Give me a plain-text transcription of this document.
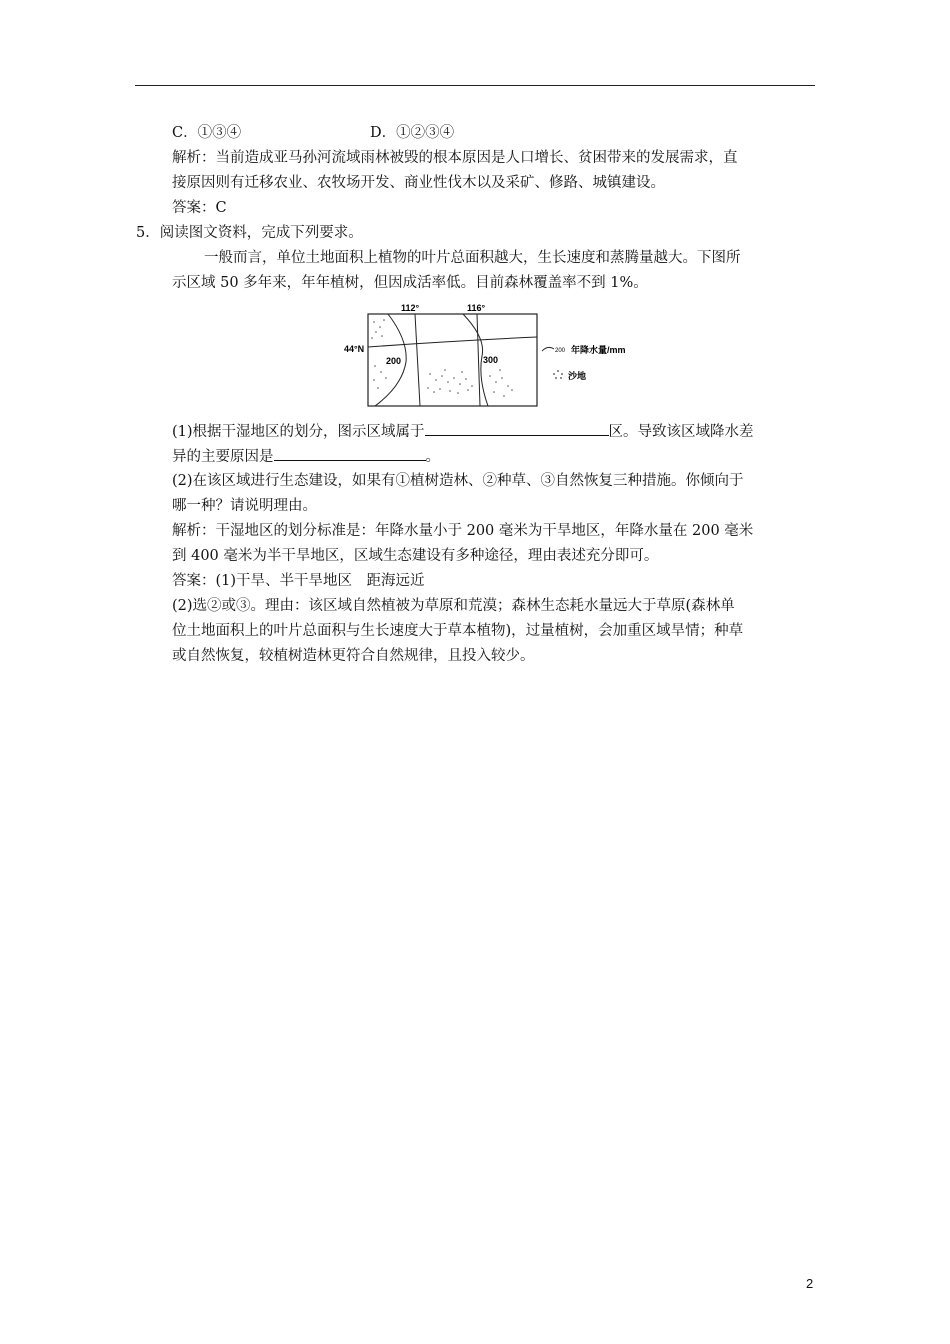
C．①③④	D．①②③④
解析：当前造成亚马孙河流域雨林被毁的根本原因是人口增长、贫困带来的发展需求，直
接原因则有迁移农业、农牧场开发、商业性伐木以及采矿、修路、城镇建设。
答案：C
5．阅读图文资料，完成下列要求。
一般而言，单位土地面积上植物的叶片总面积越大，生长速度和蒸腾量越大。下图所
示区域 50 多年来，年年植树，但因成活率低。目前森林覆盖率不到 1%。
112°	116°
44°N
200	300
200 年降水量/mm
沙地
(1)根据干湿地区的划分，图示区域属于	区。导致该区域降水差
异的主要原因是	。
(2)在该区域进行生态建设，如果有①植树造林、②种草、③自然恢复三种措施。你倾向于
哪一种？请说明理由。
解析：干湿地区的划分标准是：年降水量小于 200 毫米为干旱地区，年降水量在 200 毫米
到 400 毫米为半干旱地区，区域生态建设有多种途径，理由表述充分即可。
答案：(1)干旱、半干旱地区　距海远近
(2)选②或③。理由：该区域自然植被为草原和荒漠；森林生态耗水量远大于草原(森林单
位土地面积上的叶片总面积与生长速度大于草本植物)，过量植树，会加重区域旱情；种草
或自然恢复，较植树造林更符合自然规律，且投入较少。
2
